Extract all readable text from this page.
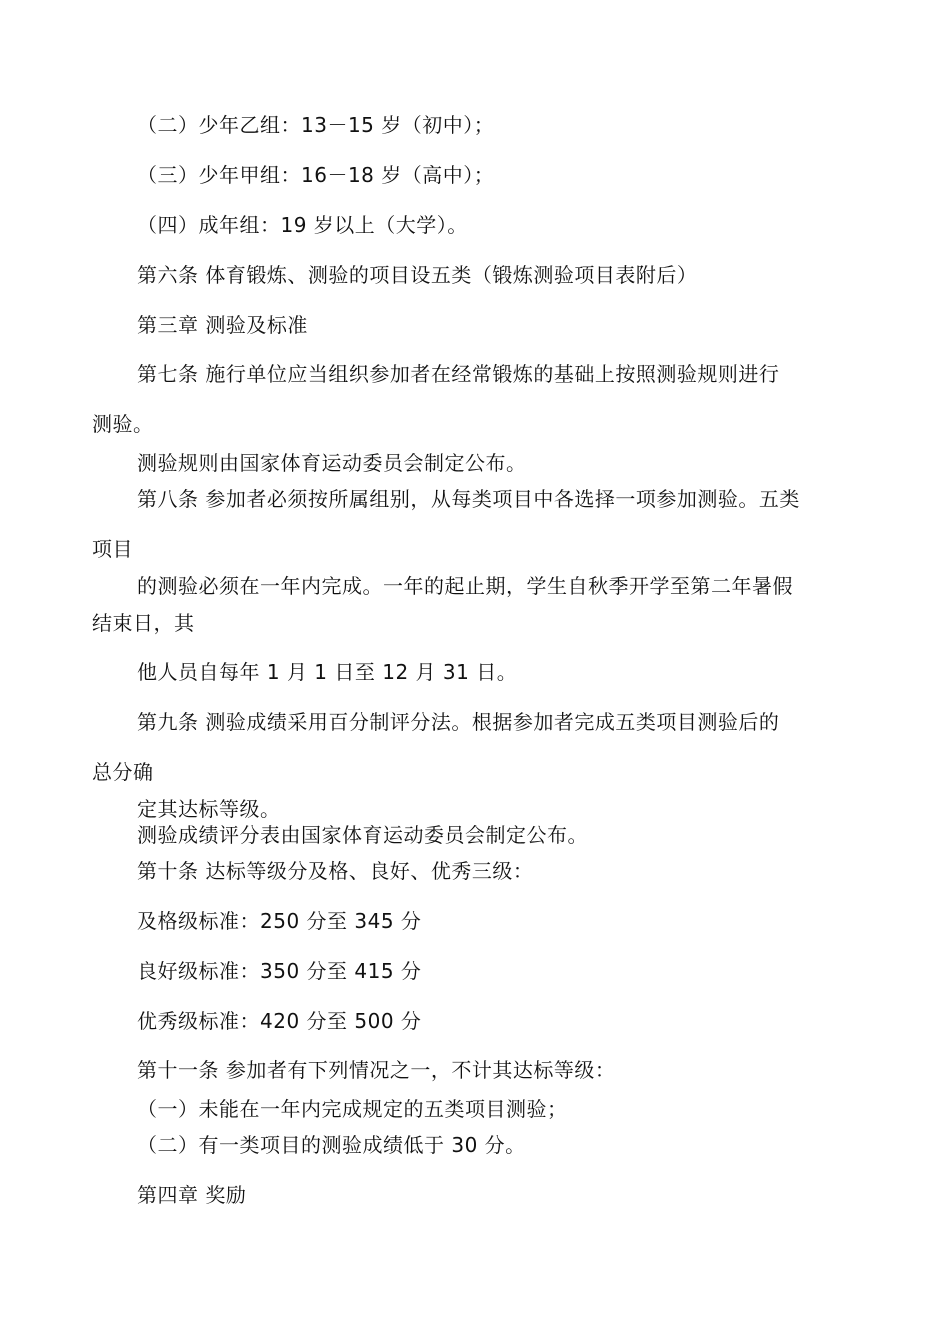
（二）少年乙组：13－15 岁（初中）；
（三）少年甲组：16－18 岁（高中）；
（四）成年组：19 岁以上（大学）。
第六条 体育锻炼、测验的项目设五类（锻炼测验项目表附后）
第三章 测验及标准
第七条 施行单位应当组织参加者在经常锻炼的基础上按照测验规则进行
测验。
测验规则由国家体育运动委员会制定公布。
第八条 参加者必须按所属组别，从每类项目中各选择一项参加测验。五类
项目
的测验必须在一年内完成。一年的起止期，学生自秋季开学至第二年暑假
结束日，其
他人员自每年 1 月 1 日至 12 月 31 日。
第九条 测验成绩采用百分制评分法。根据参加者完成五类项目测验后的
总分确
定其达标等级。
测验成绩评分表由国家体育运动委员会制定公布。
第十条 达标等级分及格、良好、优秀三级：
及格级标准：250 分至 345 分
良好级标准：350 分至 415 分
优秀级标准：420 分至 500 分
第十一条 参加者有下列情况之一，不计其达标等级：
（一）未能在一年内完成规定的五类项目测验；
（二）有一类项目的测验成绩低于 30 分。
第四章 奖励
